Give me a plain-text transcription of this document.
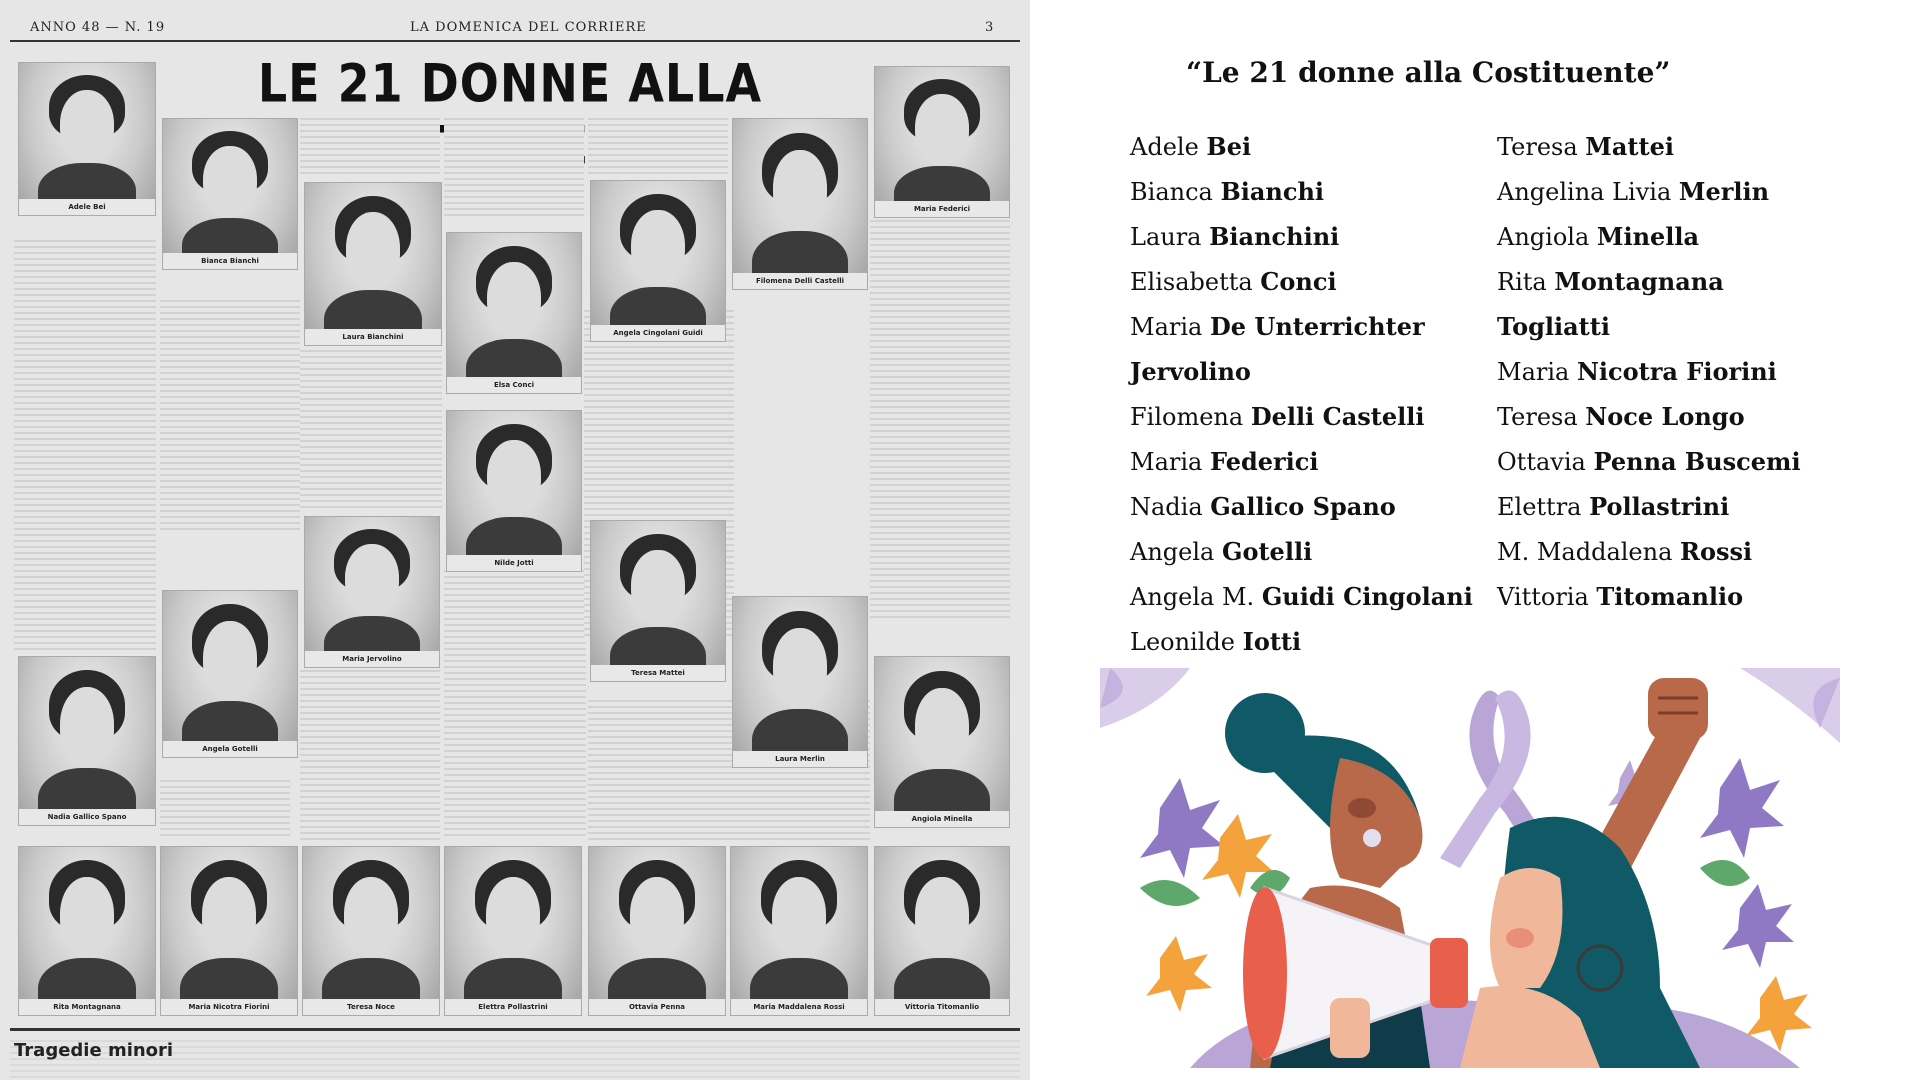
ANNO 48 — N. 19	LA DOMENICA DEL CORRIERE	3
LE 21 DONNE ALLA
Adele Bei
Bianca Bianchi
Laura Bianchini
Elsa Conci
Angela Cingolani Guidi
Filomena Delli Castelli
Maria Federici
Nilde Jotti
Maria Jervolino
Teresa Mattei
Nadia Gallico Spano
Angela Gotelli
Laura Merlin
Angiola Minella
Rita Montagnana	Maria Nicotra Fiorini	Teresa Noce	Elettra Pollastrini	Ottavia Penna	Maria Maddalena Rossi	Vittoria Titomanlio
Tragedie minori
“Le 21 donne alla Costituente”
Adele Bei
Bianca Bianchi
Laura Bianchini
Elisabetta Conci
Maria De Unterrichter
Jervolino
Filomena Delli Castelli
Maria Federici
Nadia Gallico Spano
Angela Gotelli
Angela M. Guidi Cingolani
Leonilde Iotti
Teresa Mattei
Angelina Livia Merlin
Angiola Minella
Rita Montagnana
Togliatti
Maria Nicotra Fiorini
Teresa Noce Longo
Ottavia Penna Buscemi
Elettra Pollastrini
M. Maddalena Rossi
Vittoria Titomanlio
